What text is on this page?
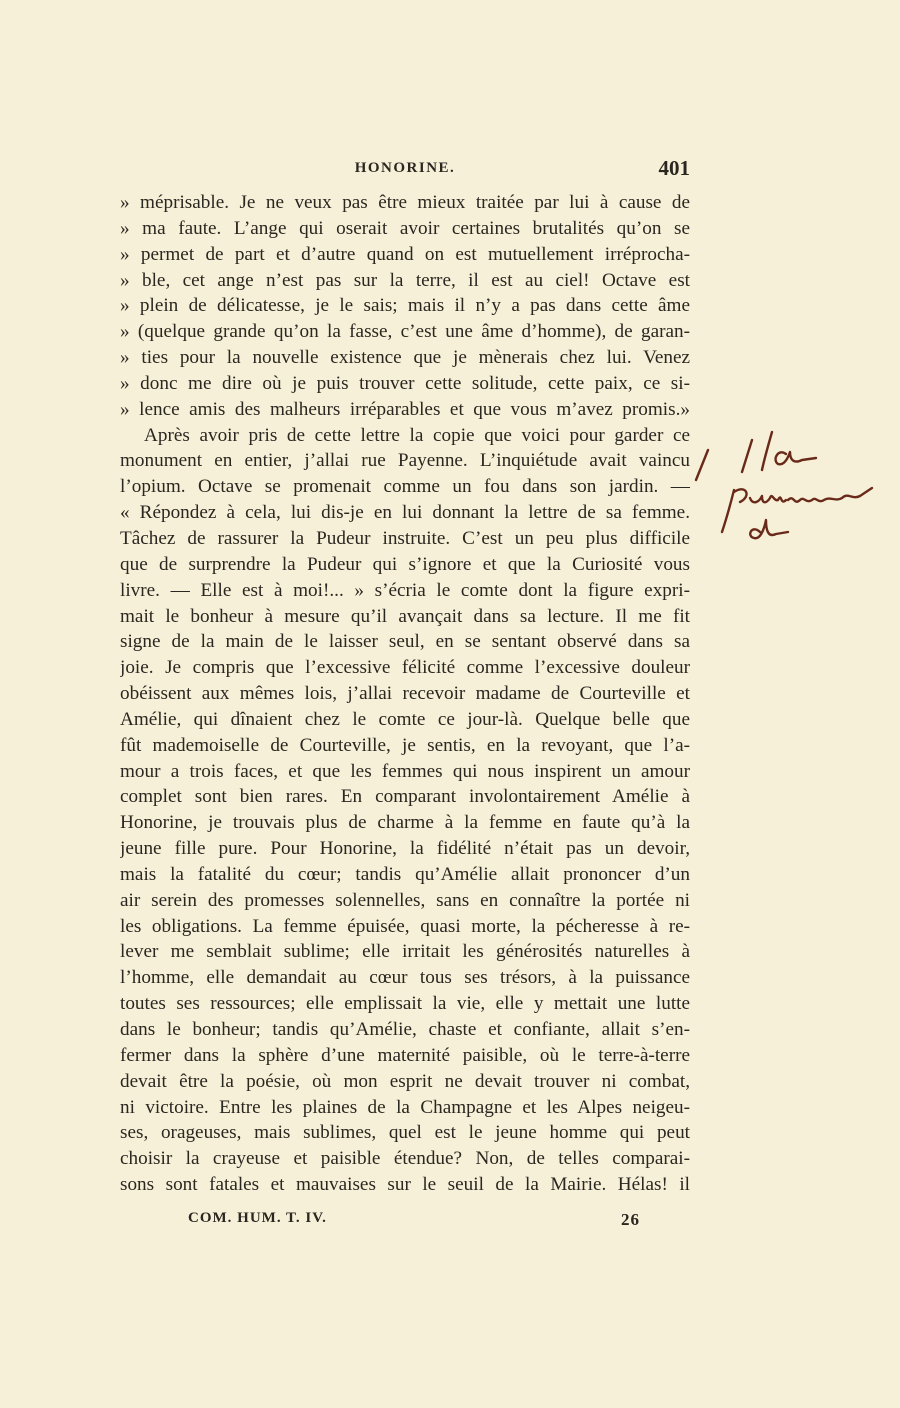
HONORINE.	401
» méprisable. Je ne veux pas être mieux traitée par lui à cause de
» ma faute. L’ange qui oserait avoir certaines brutalités qu’on se
» permet de part et d’autre quand on est mutuellement irréprocha-
» ble, cet ange n’est pas sur la terre, il est au ciel! Octave est
» plein de délicatesse, je le sais; mais il n’y a pas dans cette âme
» (quelque grande qu’on la fasse, c’est une âme d’homme), de garan-
» ties pour la nouvelle existence que je mènerais chez lui. Venez
» donc me dire où je puis trouver cette solitude, cette paix, ce si-
» lence amis des malheurs irréparables et que vous m’avez promis.»
Après avoir pris de cette lettre la copie que voici pour garder ce
monument en entier, j’allai rue Payenne. L’inquiétude avait vaincu
l’opium. Octave se promenait comme un fou dans son jardin. —
« Répondez à cela, lui dis-je en lui donnant la lettre de sa femme.
Tâchez de rassurer la Pudeur instruite. C’est un peu plus difficile
que de surprendre la Pudeur qui s’ignore et que la Curiosité vous
livre. — Elle est à moi!... » s’écria le comte dont la figure expri-
mait le bonheur à mesure qu’il avançait dans sa lecture. Il me fit
signe de la main de le laisser seul, en se sentant observé dans sa
joie. Je compris que l’excessive félicité comme l’excessive douleur
obéissent aux mêmes lois, j’allai recevoir madame de Courteville et
Amélie, qui dînaient chez le comte ce jour-là. Quelque belle que
fût mademoiselle de Courteville, je sentis, en la revoyant, que l’a-
mour a trois faces, et que les femmes qui nous inspirent un amour
complet sont bien rares. En comparant involontairement Amélie à
Honorine, je trouvais plus de charme à la femme en faute qu’à la
jeune fille pure. Pour Honorine, la fidélité n’était pas un devoir,
mais la fatalité du cœur; tandis qu’Amélie allait prononcer d’un
air serein des promesses solennelles, sans en connaître la portée ni
les obligations. La femme épuisée, quasi morte, la pécheresse à re-
lever me semblait sublime; elle irritait les générosités naturelles à
l’homme, elle demandait au cœur tous ses trésors, à la puissance
toutes ses ressources; elle emplissait la vie, elle y mettait une lutte
dans le bonheur; tandis qu’Amélie, chaste et confiante, allait s’en-
fermer dans la sphère d’une maternité paisible, où le terre-à-terre
devait être la poésie, où mon esprit ne devait trouver ni combat,
ni victoire. Entre les plaines de la Champagne et les Alpes neigeu-
ses, orageuses, mais sublimes, quel est le jeune homme qui peut
choisir la crayeuse et paisible étendue? Non, de telles comparai-
sons sont fatales et mauvaises sur le seuil de la Mairie. Hélas! il
COM. HUM. T. IV.	26
